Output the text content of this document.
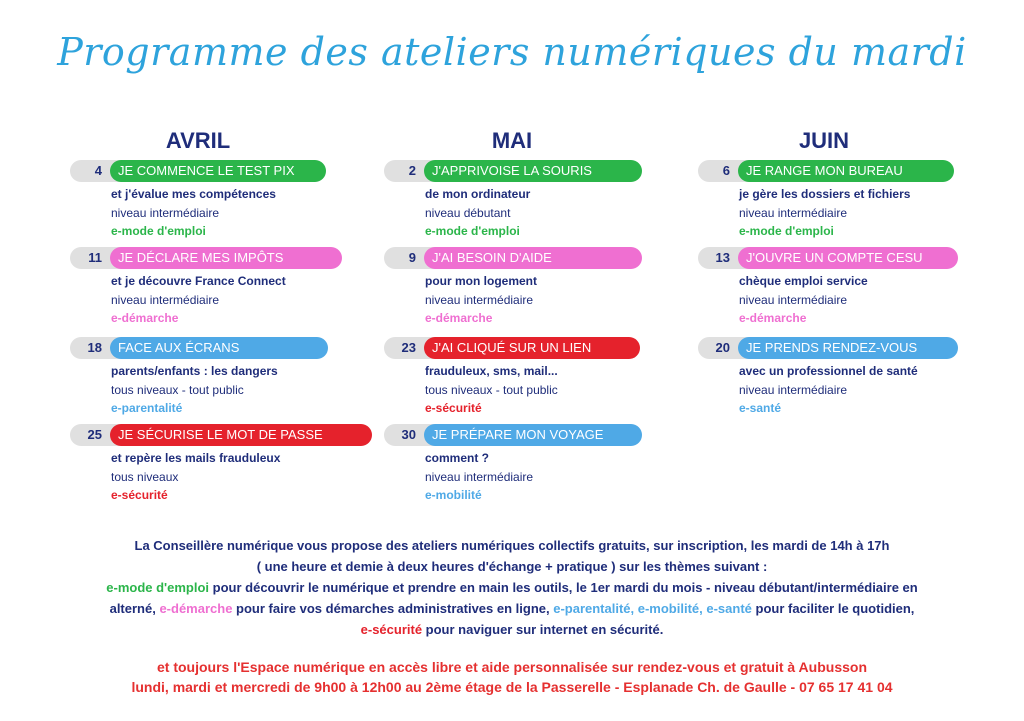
Programme des ateliers numériques du mardi
AVRIL	MAI	JUIN
4	JE COMMENCE LE TEST PIX
et j'évalue mes compétences
niveau intermédiaire
e-mode d'emploi
11	JE DÉCLARE MES IMPÔTS
et je découvre France Connect
niveau intermédiaire
e-démarche
18	FACE AUX ÉCRANS
parents/enfants : les dangers
tous niveaux - tout public
e-parentalité
25	JE SÉCURISE LE MOT DE PASSE
et repère les mails frauduleux
tous niveaux
e-sécurité
2	J'APPRIVOISE LA SOURIS
de mon ordinateur
niveau débutant
e-mode d'emploi
9	J'AI BESOIN D'AIDE
pour mon logement
niveau intermédiaire
e-démarche
23	J'AI CLIQUÉ SUR UN LIEN
frauduleux, sms, mail...
tous niveaux - tout public
e-sécurité
30	JE PRÉPARE MON VOYAGE
comment ?
niveau intermédiaire
e-mobilité
6	JE RANGE MON BUREAU
je gère les dossiers et fichiers
niveau intermédiaire
e-mode d'emploi
13	J'OUVRE UN COMPTE CESU
chèque emploi service
niveau intermédiaire
e-démarche
20	JE PRENDS RENDEZ-VOUS
avec un professionnel de santé
niveau intermédiaire
e-santé
La Conseillère numérique vous propose des ateliers numériques collectifs gratuits, sur inscription, les mardi de 14h à 17h
( une heure et demie à deux heures d'échange + pratique ) sur les thèmes suivant :
e-mode d'emploi pour découvrir le numérique et prendre en main les outils, le 1er mardi du mois - niveau débutant/intermédiaire en
alterné, e-démarche pour faire vos démarches administratives en ligne, e-parentalité, e-mobilité, e-santé pour faciliter le quotidien,
e-sécurité pour naviguer sur internet en sécurité.
et toujours l'Espace numérique en accès libre et aide personnalisée sur rendez-vous et gratuit à Aubusson
lundi, mardi et mercredi de 9h00 à 12h00 au 2ème étage de la Passerelle - Esplanade Ch. de Gaulle - 07 65 17 41 04
